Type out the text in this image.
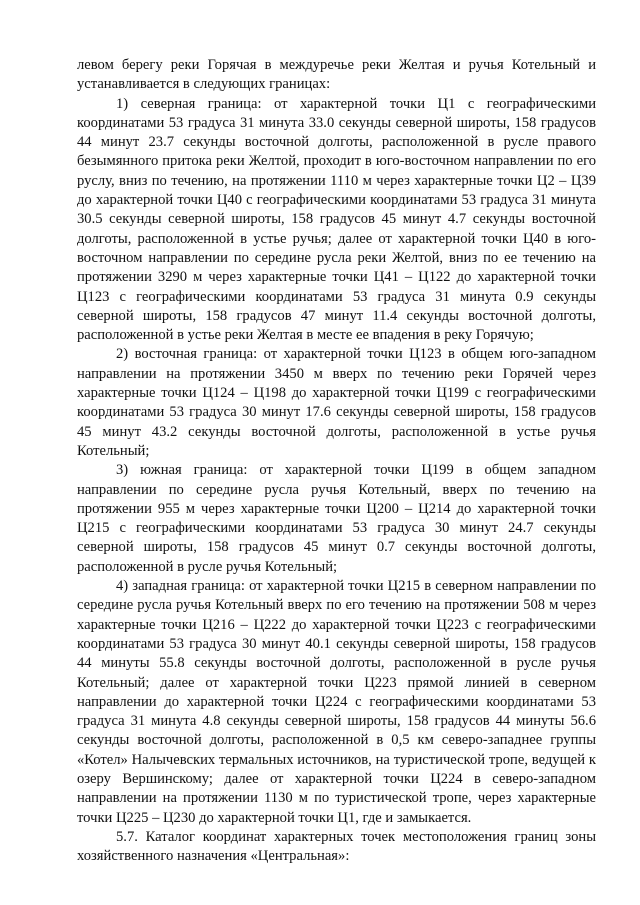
левом берегу реки Горячая в междуречье реки Желтая и ручья Котельный и устанавливается в следующих границах:

1) северная граница: от характерной точки Ц1 с географическими координатами 53 градуса 31 минута 33.0 секунды северной широты, 158 градусов 44 минут 23.7 секунды восточной долготы, расположенной в русле правого безымянного притока реки Желтой, проходит в юго-восточном направлении по его руслу, вниз по течению, на протяжении 1110 м через характерные точки Ц2 – Ц39 до характерной точки Ц40 с географическими координатами 53 градуса 31 минута 30.5 секунды северной широты, 158 градусов 45 минут 4.7 секунды восточной долготы, расположенной в устье ручья; далее от характерной точки Ц40 в юго-восточном направлении по середине русла реки Желтой, вниз по ее течению на протяжении 3290 м через характерные точки Ц41 – Ц122 до характерной точки Ц123 с географическими координатами 53 градуса 31 минута 0.9 секунды северной широты, 158 градусов 47 минут 11.4 секунды восточной долготы, расположенной в устье реки Желтая в месте ее впадения в реку Горячую;

2) восточная граница: от характерной точки Ц123 в общем юго-западном направлении на протяжении 3450 м вверх по течению реки Горячей через характерные точки Ц124 – Ц198 до характерной точки Ц199 с географическими координатами 53 градуса 30 минут 17.6 секунды северной широты, 158 градусов 45 минут 43.2 секунды восточной долготы, расположенной в устье ручья Котельный;

3) южная граница: от характерной точки Ц199 в общем западном направлении по середине русла ручья Котельный, вверх по течению на протяжении 955 м через характерные точки Ц200 – Ц214 до характерной точки Ц215 с географическими координатами 53 градуса 30 минут 24.7 секунды северной широты, 158 градусов 45 минут 0.7 секунды восточной долготы, расположенной в русле ручья Котельный;

4) западная граница: от характерной точки Ц215 в северном направлении по середине русла ручья Котельный вверх по его течению на протяжении 508 м через характерные точки Ц216 – Ц222 до характерной точки Ц223 с географическими координатами 53 градуса 30 минут 40.1 секунды северной широты, 158 градусов 44 минуты 55.8 секунды восточной долготы, расположенной в русле ручья Котельный; далее от характерной точки Ц223 прямой линией в северном направлении до характерной точки Ц224 с географическими координатами 53 градуса 31 минута 4.8 секунды северной широты, 158 градусов 44 минуты 56.6 секунды восточной долготы, расположенной в 0,5 км северо-западнее группы «Котел» Налычевских термальных источников, на туристической тропе, ведущей к озеру Вершинскому; далее от характерной точки Ц224 в северо-западном направлении на протяжении 1130 м по туристической тропе, через характерные точки Ц225 – Ц230 до характерной точки Ц1, где и замыкается.

5.7. Каталог координат характерных точек местоположения границ зоны хозяйственного назначения «Центральная»:
